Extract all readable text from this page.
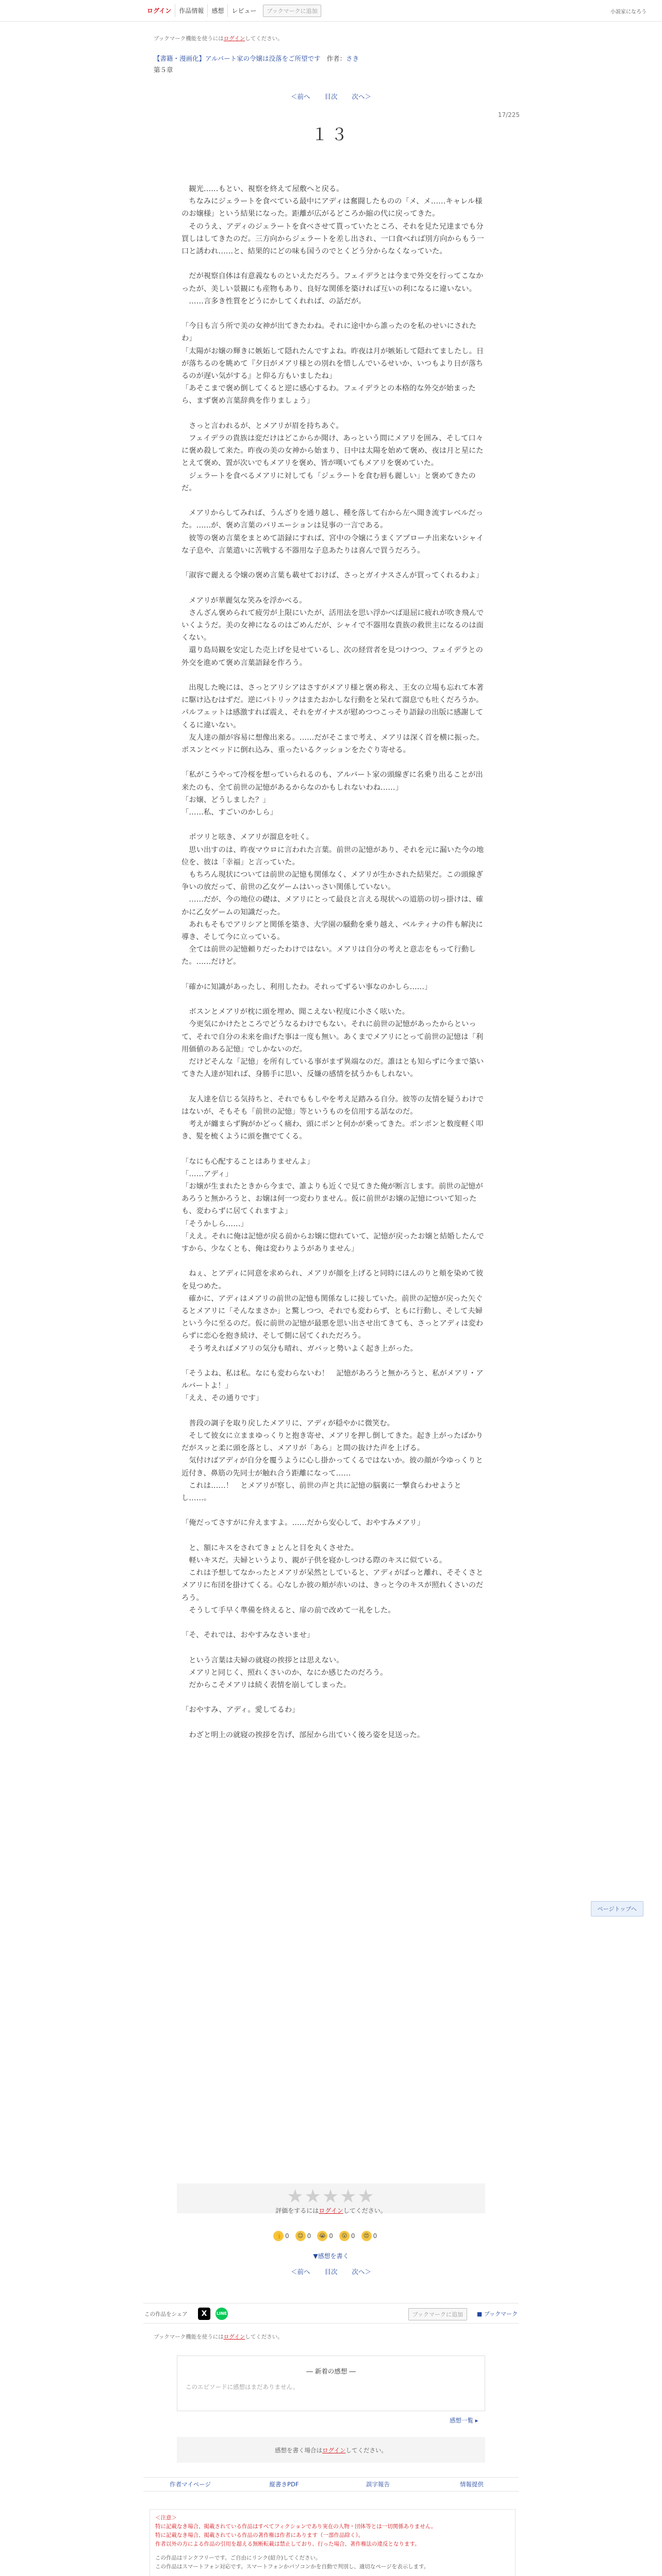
ログイン	作品情報	感想	レビュー	ブックマークに追加	小説家になろう
ブックマーク機能を使うにはログインしてください。
【書籍・漫画化】アルバート家の令嬢は没落をご所望です 作者：さき
第５章
＜前へ 目次 次へ＞
17/225
１３

　観光……もとい、視察を終えて屋敷へと戻る。

　ちなみにジェラートを食べている最中にアディは奮闘したものの「メ、メ……キャレル様のお嬢様」という結果になった。距離が広がるどころか縮の代に戻ってきた。

　そのうえ、アディのジェラートを食べさせて貰っていたところ、それを見た兄達までも分買しはしてきたのだ。三方向からジェラートを差し出され、一口食べれば別方向からもう一口と誘われ……と、結果的にどの味も国うのでとくどう分からなくなっていた。

　だが視察自体は有意義なものといえただろう。フェイデラとは今まで外交を行ってこなかったが、美しい景観にも産物もあり、良好な関係を築ければ互いの利になるに違いない。

　……言多き性質をどうにかしてくれれば、の話だが。

「今日も言う所で美の女神が出てきたわね。それに途中から誰ったのを私のせいにされたわ」

「太陽がお嬢の輝きに嫉妬して隠れたんですよね。昨夜は月が嫉妬して隠れてましたし。日が落ちるのを眺めて『夕日がメアリ様との別れを惜しんでいるせいか、いつもより日が落ちるのが遅い気がする』と仰る方もいましたね」

「あそこまで褒め倒してくると逆に感心するわ。フェイデラとの本格的な外交が始まったら、まず褒め言葉辞典を作りましょう」

　さっと言われるが、とメアリが眉を持ちあぐ。

　フェイデラの貴族は変だけはどこからか聞け、あっという間にメアリを囲み、そして口々に褒め殺して来た。昨夜の美の女神から始まり、日中は太陽を始めて褒め、夜は月と星にたとえて褒め、置が次いでもメアリを褒め、皆が嘆いてもメアリを褒めていた。

　ジェラートを食べるメアリに対しても「ジェラートを食む唇も麗しい」と褒めてきたのだ。

　メアリからしてみれば、うんざりを通り越し、種を落して右から左へ聞き流すレベルだった。……が、褒め言葉のバリエーションは見事の一言である。

　彼等の褒め言葉をまとめて語録にすれば、宮中の令嬢にうまくアプローチ出来ないシャイな子息や、言葉遣いに苦戦する不器用な子息あたりは喜んで買うだろう。

「淑容で麗える令嬢の褒め言葉も載せておけば、さっとガイナスさんが買ってくれるわよ」

　メアリが華麗気な笑みを浮かべる。

　さんざん褒められて疲労が上限にいたが、活用法を思い浮かべば退屈に疲れが吹き飛んでいくようだ。美の女神になるのはごめんだが、シャイで不器用な貴族の救世主になるのは面くない。

　還り島局観を安定した売上げを見せているし、次の経営者を見つけつつ、フェイデラとの外交を進めて褒め言葉語録を作ろう。

　出現した晩には、さっとアリシアはさすがメアリ様と褒め称え、王女の立場も忘れて本著に駆け込むはずだ。逆にパトリックはまたおかしな行動をと呆れて溜息でも吐くだろうか。パルフェットは感激すれば震え、それをガイナスが慰めつつこっそり語録の出版に感謝してくるに違いない。

　友人達の顔が容易に想像出来る。……だがそこまで考え、メアリは深く首を横に振った。ポスンとベッドに倒れ込み、重ったいるクッションをたぐり寄せる。

「私がこうやって冷桜を想っていられるのも、アルバート家の頭線ぎに名乗り出ることが出来たのも、全て前世の記憶があるからなのかもしれないわね……」

「お嬢、どうしました？」

「……私、すごいのかしら」

　ポツリと呟き、メアリが溜息を吐く。

　思い出すのは、昨夜マウロに言われた言葉。前世の記憶があり、それを元に漏いた今の地位を、彼は「幸福」と言っていた。

　もちろん現状については前世の記憶も関係なく、メアリが生かされた結果だ。この頭線ぎ争いの放だって、前世の乙女ゲームはいっさい関係していない。

　……だが、今の地位の礎は、メアリにとって最良と言える現状への道筋の切っ掛けは、確かに乙女ゲームの知識だった。

　あれもそもでアリシアと関係を築き、大学園の騒動を乗り越え、ベルティナの件も解決に導き、そして今に立っている。

　全ては前世の記憶頼りだったわけではない。メアリは自分の考えと意志をもって行動した。……だけど。

「確かに知識があったし、利用したわ。それってずるい事なのかしら……」

　ボスンとメアリが枕に頭を埋め、聞こえない程度に小さく呟いた。

　今更気にかけたところでどうなるわけでもない。それに前世の記憶があったからといって、それで自分の未来を曲げた事は一度も無い。あくまでメアリにとって前世の記憶は「利用価値のある記憶」でしかないのだ。

　だけどそんな「記憶」を所有している事がまず異端なのだ。誰はとも知らずに今まで築いてきた人達が知れば、身勝手に思い、反嫌の感情を拭うかもしれない。

　友人達を信じる気持ちと、それでももしやを考え足踏みる自分。彼等の友情を疑うわけではないが、そもそも「前世の記憶」等というものを信用する話なのだ。

　考えが纏まらず胸がかどっく痛わ、頭にポンと何かが乗ってきた。ポンポンと数度軽く叩き、髪を梳くように頭を撫でてくる。

「なにも心配することはありませんよ」

「……アディ」

「お嬢が生まれたときから今まで、誰よりも近くで見てきた俺が断言します。前世の記憶があろうと無かろうと、お嬢は何一つ変わりません。仮に前世がお嬢の記憶について知ったも、変わらずに居てくれますよ」

「そうかしら……」

「ええ。それに俺は記憶が戻る前からお嬢に惚れていて、記憶が戻ったお嬢と結婚したんですから、少なくとも、俺は変わりようがありません」

　ねぇ、とアディに同意を求められ、メアリが顔を上げると同時にほんのりと頬を染めて彼を見つめた。

　確かに、アディはメアリの前世の記憶も関係なしに接していた。前世の記憶が戻った矢ぐるとメアリに「そんなまさか」と驚しつつ、それでも変わらず、ともに行動し、そして夫婦という今に至るのだ。仮に前世の記憶が最悪を思い出させ出てきても、さっとアディは変わらずに恋心を抱き続け、そして側に居てくれただろう。

　そう考えればメアリの気分も晴れ、ガバッと勢いよく起き上がった。

「そうよね、私は私。なにも変わらないわ！　記憶があろうと無かろうと、私がメアリ・アルバートよ！」

「ええ、その通りです」

　普段の調子を取り戻したメアリに、アディが穏やかに微笑む。

　そして彼女に立ままゆっくりと抱き寄せ、メアリを押し倒してきた。起き上がったばかりだがスッと柔に頭を落とし、メアリが「あら」と間の抜けた声を上げる。

　気付けばアディが自分を覆うように心し掛かってくるではないか。彼の顔が今ゆっくりと近付き、鼻筋の先同士が触れ合う距離になって……

　これは……！　とメアリが察し、前世の声と共に記憶の脳裏に一撃食らわせようとし……。

「俺だってさすがに弁えますよ。……だから安心して、おやすみメアリ」

　と、額にキスをされてきょとんと目を丸くさせた。

　軽いキスだ。夫婦というより、親が子供を寝かしつける際のキスに似ている。

　これは予想してなかったとメアリが呆然としていると、アディがぱっと離れ、そそくさとメアリに布団を掛けてくる。心なしか彼の頬が赤いのは、きっと今のキスが照れくさいのだろう。

　そうして手早く準備を終えると、扉の前で改めて一礼をした。

「そ、それでは、おやすみなさいませ」

　という言葉は夫婦の就寝の挨拶とは思えない。

　メアリと同じく、照れくさいのか、なにか感じたのだろう。

　だからこそメアリは続く表情を崩してしまった。

「おやすみ、アディ。愛してるわ」

　わざと明上の就寝の挨拶を告げ、部屋から出ていく後ろ姿を見送った。

ページトップへ
★★★★★
評価をするにはログインしてください。
👍 0	😊 0	😭 0	😲 0	😍 0
▼感想を書く
＜前へ 目次 次へ＞
この作品をシェア	X	LINE	ブックマークに追加	■ ブックマーク
ブックマーク機能を使うにはログインしてください。
― 新着の感想 ―
このエピソードに感想はまだありません。
感想一覧 ▸
感想を書く場合はログインしてください。
作者マイページ	縦書きPDF	誤字報告	情報提供
＜注意＞
特に記載なき場合、掲載されている作品はすべてフィクションであり実在の人物・団体等とは一切関係ありません。
特に記載なき場合、掲載されている作品の著作権は作者にあります（一部作品除く）。
作者以外の方による作品の引用を超える無断転載は禁止しており、行った場合、著作権法の違反となります。
この作品はリンクフリーです。ご自由にリンク(紹介)してください。
この作品はスマートフォン対応です。スマートフォンかパソコンかを自動で判別し、適切なページを表示します。
